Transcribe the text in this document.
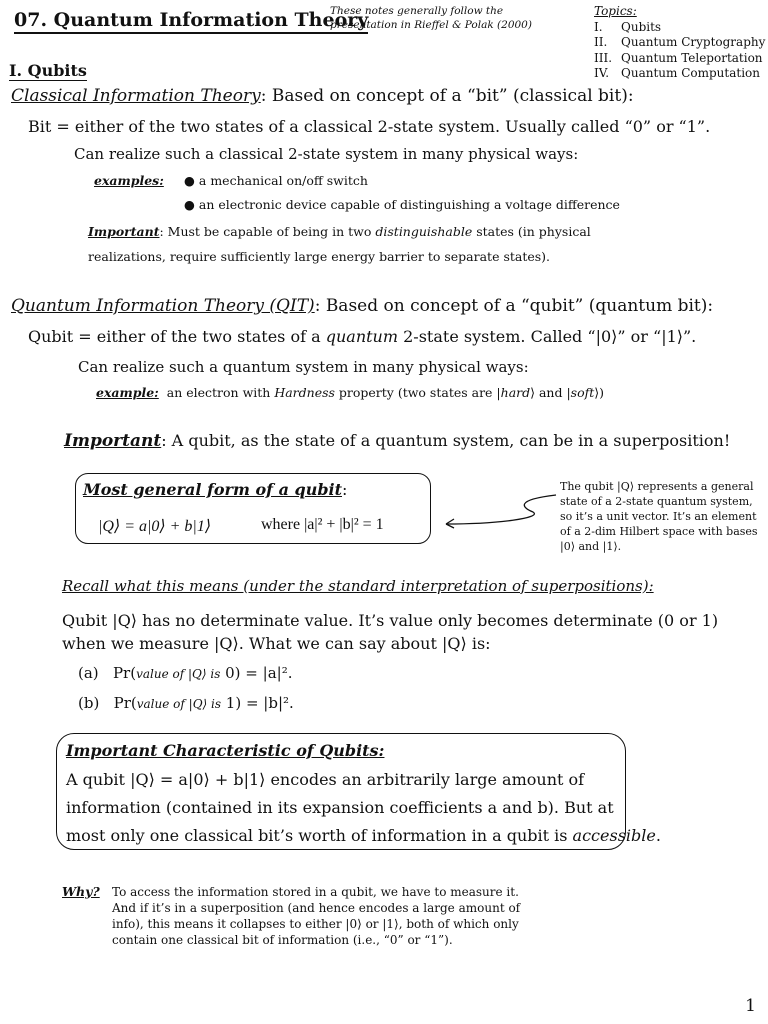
07. Quantum Information Theory
These notes generally follow the
presentation in Rieffel & Polak (2000)
Topics:
I. Qubits
II. Quantum Cryptography
III. Quantum Teleportation
IV. Quantum Computation
I. Qubits
Classical Information Theory: Based on concept of a “bit” (classical bit):
Bit = either of the two states of a classical 2-state system. Usually called “0” or “1”.
Can realize such a classical 2-state system in many physical ways:
examples: ● a mechanical on/off switch
● an electronic device capable of distinguishing a voltage difference
Important: Must be capable of being in two distinguishable states (in physical
realizations, require sufficiently large energy barrier to separate states).
Quantum Information Theory (QIT): Based on concept of a “qubit” (quantum bit):
Qubit = either of the two states of a quantum 2-state system. Called “|0⟩” or “|1⟩”.
Can realize such a quantum system in many physical ways:
example: an electron with Hardness property (two states are |hard⟩ and |soft⟩)
Important: A qubit, as the state of a quantum system, can be in a superposition!
Most general form of a qubit:
|Q⟩ = a|0⟩ + b|1⟩	where |a|² + |b|² = 1
The qubit |Q⟩ represents a general state of a 2-state quantum system, so it’s a unit vector. It’s an element of a 2-dim Hilbert space with bases |0⟩ and |1⟩.
Recall what this means (under the standard interpretation of superpositions):
Qubit |Q⟩ has no determinate value. It’s value only becomes determinate (0 or 1)
when we measure |Q⟩. What we can say about |Q⟩ is:
(a) Pr(value of |Q⟩ is 0) = |a|².
(b) Pr(value of |Q⟩ is 1) = |b|².
Important Characteristic of Qubits:
A qubit |Q⟩ = a|0⟩ + b|1⟩ encodes an arbitrarily large amount of
information (contained in its expansion coefficients a and b). But at
most only one classical bit’s worth of information in a qubit is accessible.
Why? To access the information stored in a qubit, we have to measure it.
And if it’s in a superposition (and hence encodes a large amount of
info), this means it collapses to either |0⟩ or |1⟩, both of which only
contain one classical bit of information (i.e., “0” or “1”).
1
